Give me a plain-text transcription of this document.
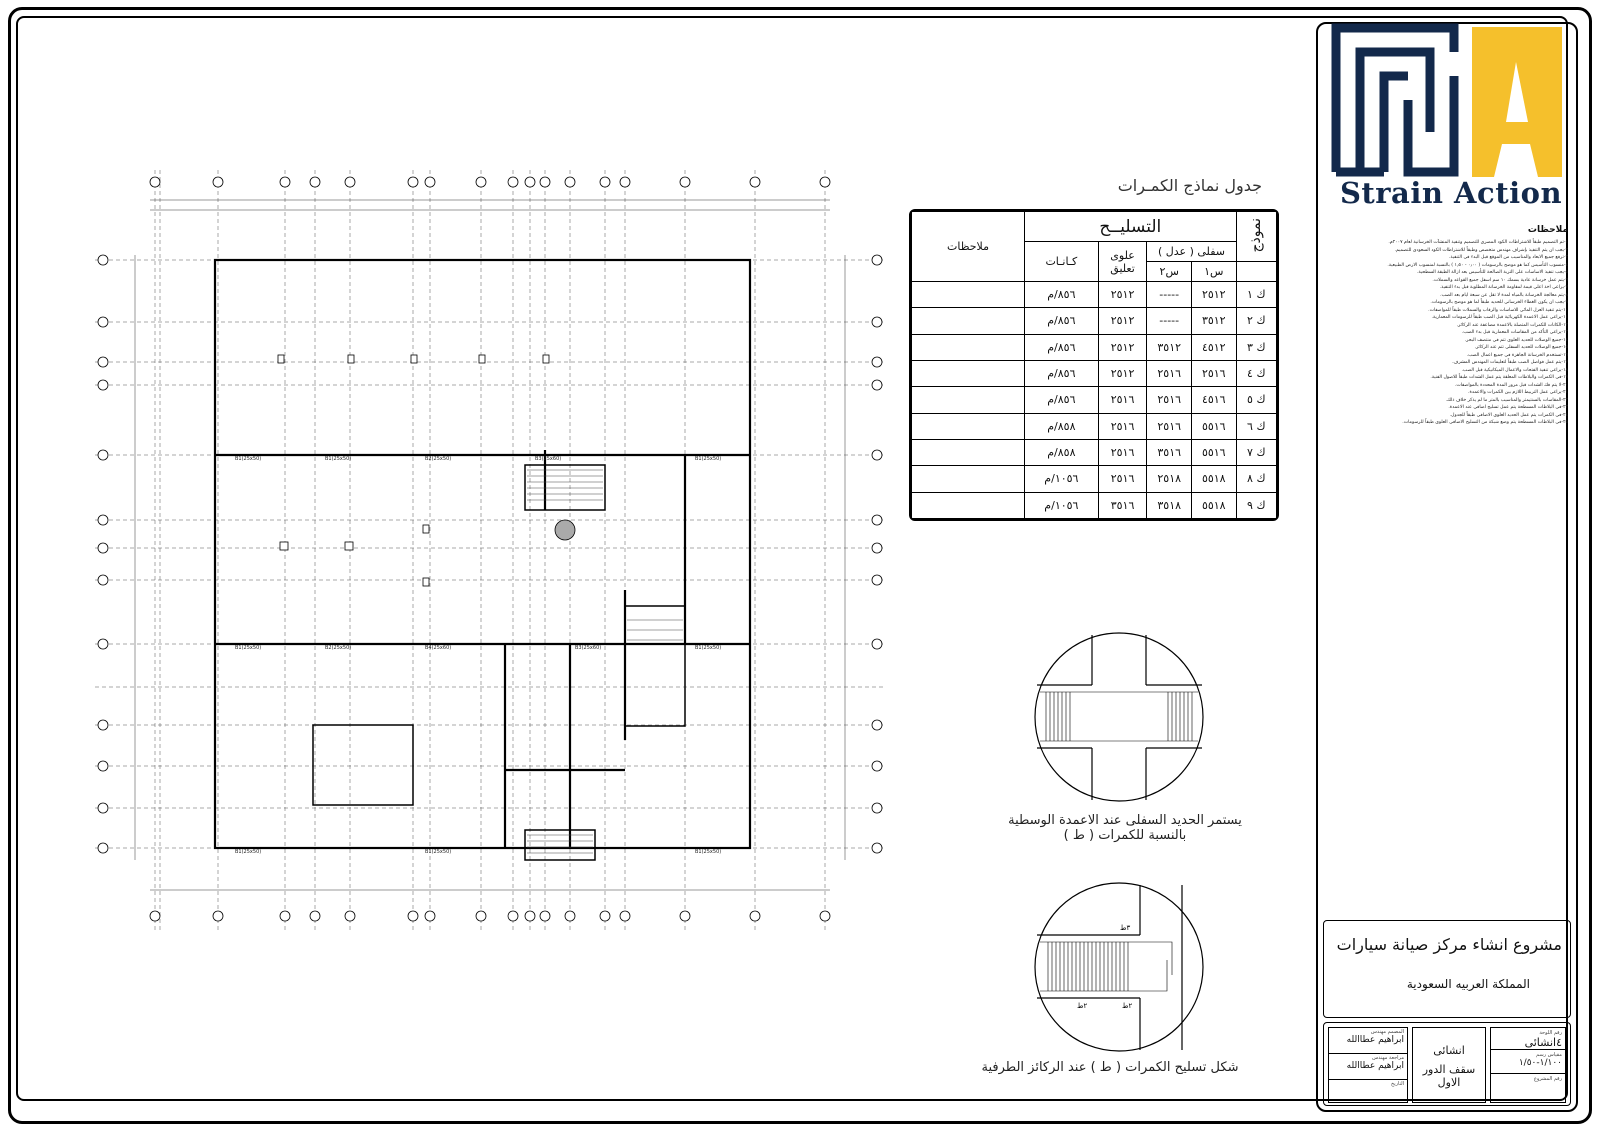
B1(25x50)	B1(25x50)	B2(25x50)	B3(25x60)	B1(25x50)
B1(25x50)	B2(25x50)	B4(25x60)	B3(25x60)	B1(25x50)
B1(25x50)	B1(25x50)	B1(25x50)
جدول نماذج الكمـرات
نموذج	التسليــح				ملاحظات
	سفلى ( عدل )		علوى تعليق	كـانـات	
	س١	س٢			
ك ١	٢٥١٢	-----	٢٥١٢	٨٥٦/م	
ك ٢	٣٥١٢	-----	٢٥١٢	٨٥٦/م	
ك ٣	٤٥١٢	٣٥١٢	٢٥١٢	٨٥٦/م	
ك ٤	٢٥١٦	٢٥١٦	٢٥١٢	٨٥٦/م	
ك ٥	٤٥١٦	٢٥١٦	٢٥١٦	٨٥٦/م	
ك ٦	٥٥١٦	٢٥١٦	٢٥١٦	٨٥٨/م	
ك ٧	٥٥١٦	٣٥١٦	٢٥١٦	٨٥٨/م	
ك ٨	٥٥١٨	٢٥١٨	٢٥١٦	١٠٥٦/م	
ك ٩	٥٥١٨	٣٥١٨	٣٥١٦	١٠٥٦/م	
يستمر الحديد السفلى عند الاعمدة الوسطية
بالنسبة للكمرات ( ط )
٣ط
٢ط	٢ط
شكل تسليح الكمرات ( ط ) عند الركائز الطرفية
Strain Action
ملاحظات

١-تم التصميم طبقاً للاشتراطات الكود المصرى للتصميم وتنفيذ المنشآت الخرسانية لعام ٢٠٠٧م.

٢-يجب ان يتم التنفيذ بإشراف مهندس متخصص وطبقاً للاشتراطات الكود السعودى للتصميم.

٣-ترفع جميع الابعاد والمناسيب من الموقع قبل البدء فى التنفيذ.

٤-منسوب التأسيس كما هو موضح بالرسومات ( ٠٫٠٠ - ١٫٥٠ ) بالنسبة لمنسوب الارض الطبيعية.

٥-يجب تنفيذ الاساسات على التربة الصالحة للتأسيس بعد ازالة الطبقة السطحية.

٦-يتم عمل خرسانة عادية بسمك ١٠ سم اسفل جميع القواعد والسملات.

٧-يراعى اخذ اعلى قيمة لمقاومة الخرسانة المطلوبة قبل بدء التنفيذ.

٨-يتم معالجة الخرسانة بالمياه لمدة لا تقل عن سبعة ايام بعد الصب.

٩-يجب ان يكون الغطاء الخرسانى للحديد طبقاً لما هو موضح بالرسومات.

١٠-يتم تنفيذ العزل المائى للاساسات والرقاب والسملات طبقاً للمواصفات.

١١-يراعى عمل الاعمدة الكهربائية قبل الصب طبقاً للرسومات المعمارية.

١٢-الكانات للكمرات المتصلة بالاعمدة مضاعفة عند الركائز.

١٣-يراعى التأكد من المقاسات المعمارية قبل بدء الصب.

١٤-جميع الوصلات للحديد العلوى تتم فى منتصف البحر.

١٥-جميع الوصلات للحديد السفلى تتم عند الركائز.

١٦-تستخدم الخرسانة الجاهزة فى جميع اعمال الصب.

١٧-يتم عمل فواصل الصب طبقاً لتعليمات المهندس المشرف.

١٨-يراعى تنفيذ الفتحات والاعمال الميكانيكية قبل الصب.

١٩-فى الكمرات والبلاطات المعلقة يتم عمل الشدات طبقاً للاصول الفنية.

٢٠-لا يتم فك الشدات قبل مرور المدة المحددة بالمواصفات.

٢١-يراعى عمل التربيط اللازم بين الكمرات والاعمدة.

٢٢-المقاسات بالسنتيمتر والمناسيب بالمتر ما لم يذكر خلاف ذلك.

٢٣-فى البلاطات المسطحة يتم عمل تسليح اضافى عند الاعمدة.

٢٤-فى الكمرات يتم عمل الحديد العلوى الاضافى طبقاً للجدول.

٢٥-فى البلاطات المسطحة يتم وضع شبكة من التسليح الاضافى العلوى طبقاً للرسومات.

مشروع انشاء مركز صيانة سيارات
المملكة العربيه السعودية
رقم اللوحة
٤انشائى
مقياس رسم
١/١٠٠-١/٥٠
رقم المشروع
انشائى
سقف الدور الاول
المصمم مهندس
ابراهيم عطاالله
مراجعة مهندس
ابراهيم عطاالله
التاريخ
